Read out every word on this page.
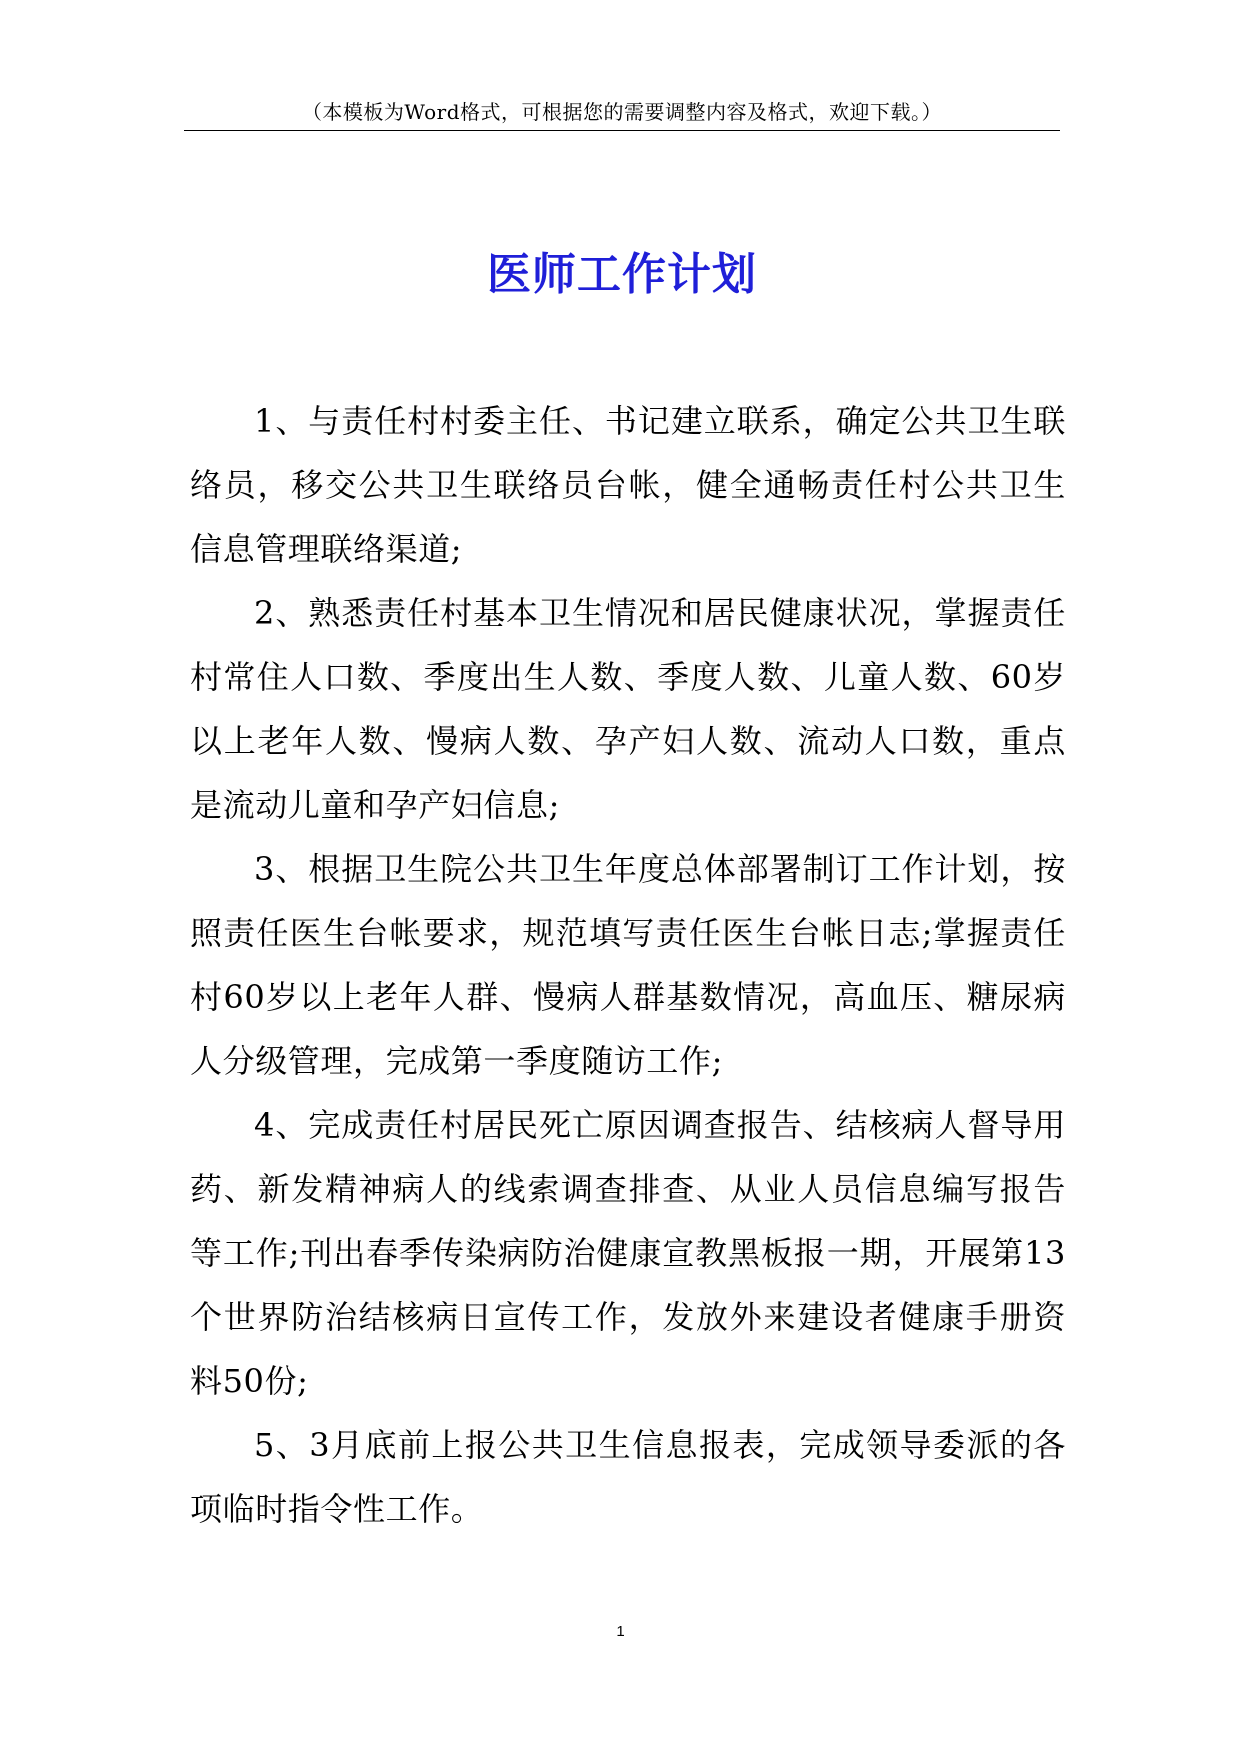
（本模板为Word格式，可根据您的需要调整内容及格式，欢迎下载。）
医师工作计划

1、与责任村村委主任、书记建立联系，确定公共卫生联络员，移交公共卫生联络员台帐，健全通畅责任村公共卫生信息管理联络渠道;

2、熟悉责任村基本卫生情况和居民健康状况，掌握责任村常住人口数、季度出生人数、季度人数、儿童人数、60岁以上老年人数、慢病人数、孕产妇人数、流动人口数，重点是流动儿童和孕产妇信息;

3、根据卫生院公共卫生年度总体部署制订工作计划，按照责任医生台帐要求，规范填写责任医生台帐日志;掌握责任村60岁以上老年人群、慢病人群基数情况，高血压、糖尿病人分级管理，完成第一季度随访工作;

4、完成责任村居民死亡原因调查报告、结核病人督导用药、新发精神病人的线索调查排查、从业人员信息编写报告等工作;刊出春季传染病防治健康宣教黑板报一期，开展第13个世界防治结核病日宣传工作，发放外来建设者健康手册资料50份;

5、3月底前上报公共卫生信息报表，完成领导委派的各项临时指令性工作。

1
